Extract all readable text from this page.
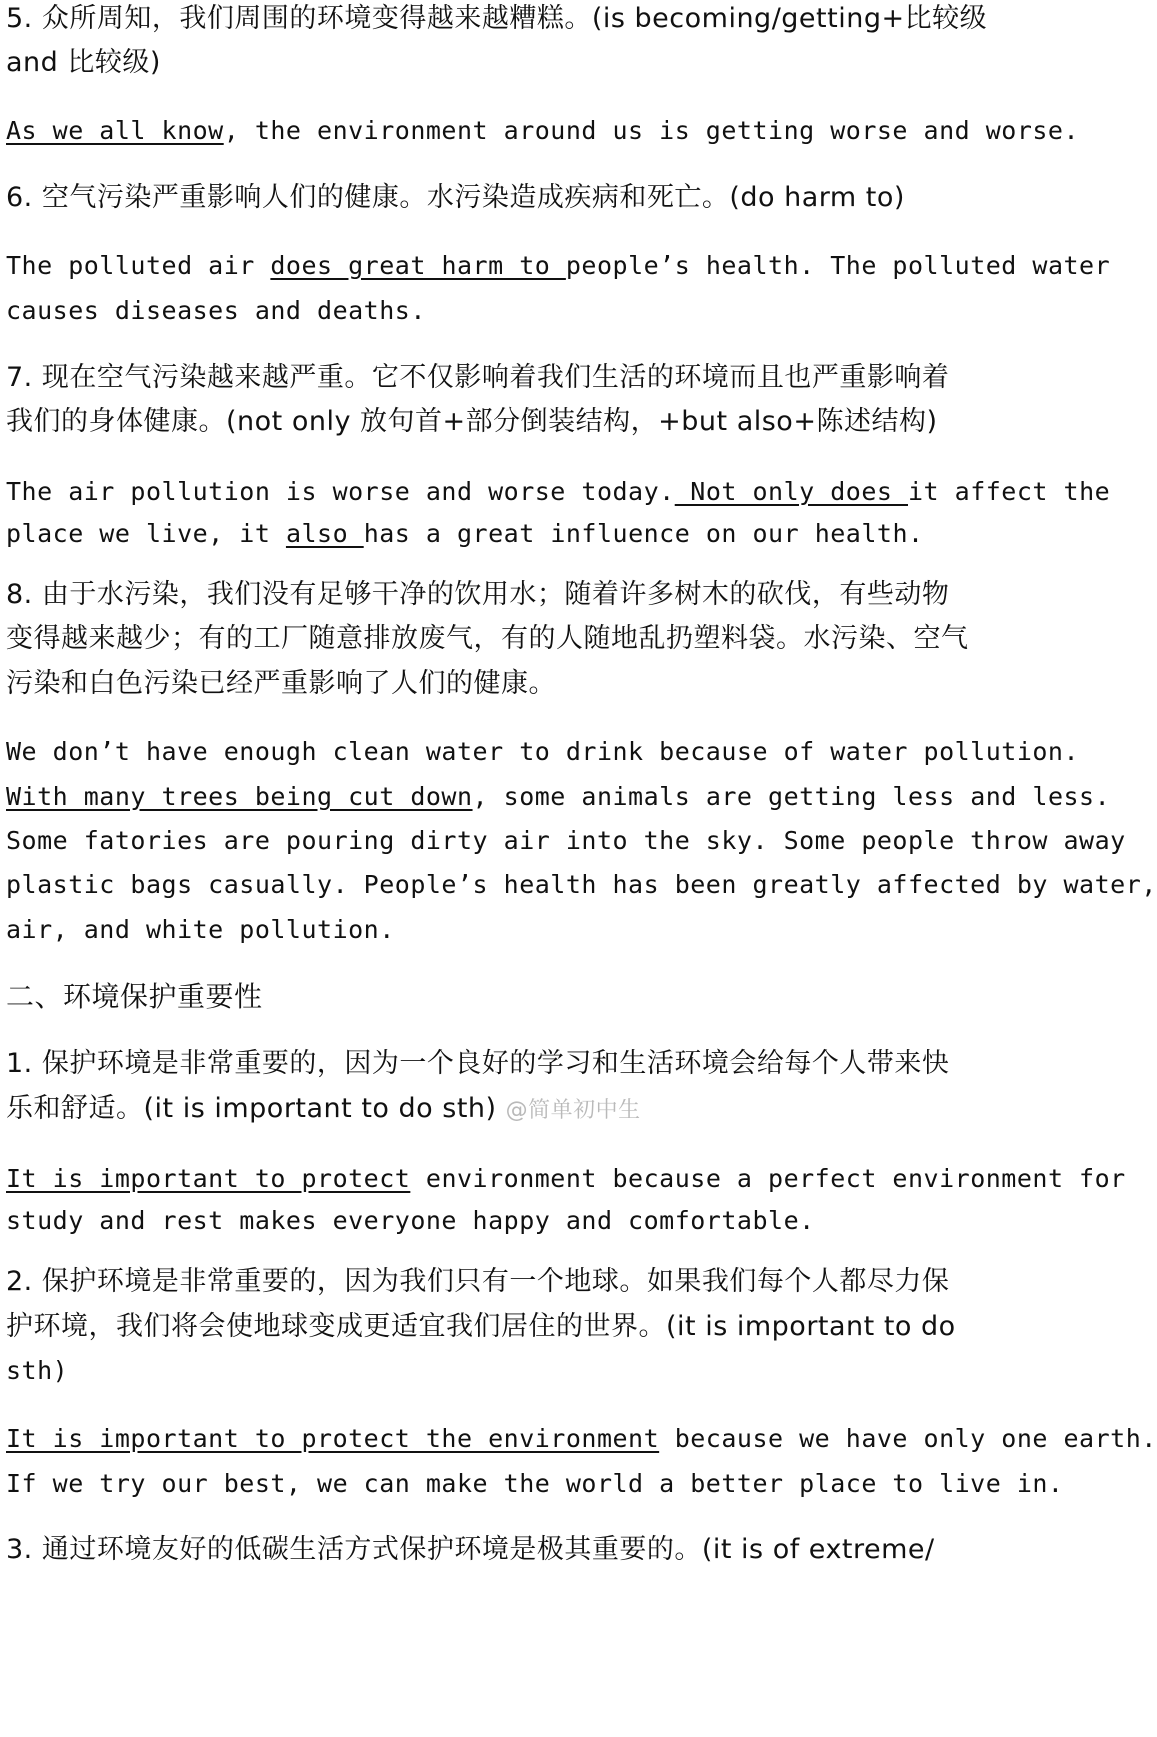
5. 众所周知，我们周围的环境变得越来越糟糕。(is becoming/getting+比较级
and 比较级)
As we all know, the environment around us is getting worse and worse.
6. 空气污染严重影响人们的健康。水污染造成疾病和死亡。(do harm to)
The polluted air does great harm to people’s health. The polluted water
causes diseases and deaths.
7. 现在空气污染越来越严重。它不仅影响着我们生活的环境而且也严重影响着
我们的身体健康。(not only 放句首+部分倒装结构，+but also+陈述结构)
The air pollution is worse and worse today. Not only does it affect the
place we live, it also has a great influence on our health.
8. 由于水污染，我们没有足够干净的饮用水；随着许多树木的砍伐，有些动物
变得越来越少；有的工厂随意排放废气，有的人随地乱扔塑料袋。水污染、空气
污染和白色污染已经严重影响了人们的健康。
We don’t have enough clean water to drink because of water pollution.
With many trees being cut down, some animals are getting less and less.
Some fatories are pouring dirty air into the sky. Some people throw away
plastic bags casually. People’s health has been greatly affected by water,
air, and white pollution.
二、环境保护重要性
1. 保护环境是非常重要的，因为一个良好的学习和生活环境会给每个人带来快
乐和舒适。(it is important to do sth) @简单初中生
It is important to protect environment because a perfect environment for
study and rest makes everyone happy and comfortable.
2. 保护环境是非常重要的，因为我们只有一个地球。如果我们每个人都尽力保
护环境，我们将会使地球变成更适宜我们居住的世界。(it is important to do
sth)
It is important to protect the environment because we have only one earth.
If we try our best, we can make the world a better place to live in.
3. 通过环境友好的低碳生活方式保护环境是极其重要的。(it is of extreme/
